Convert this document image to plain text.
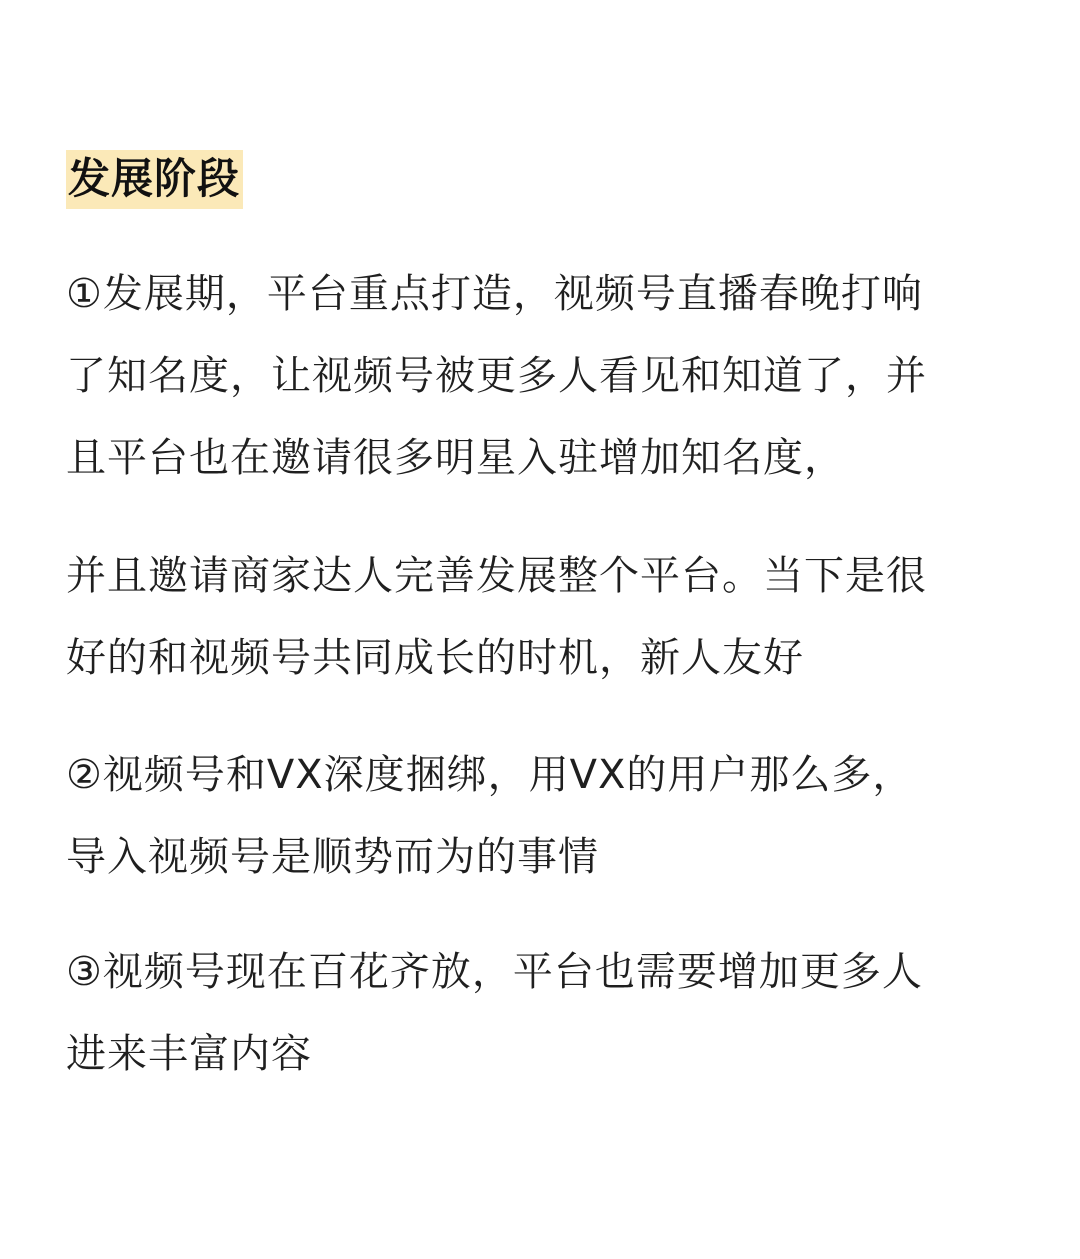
发展阶段
①发展期，平台重点打造，视频号直播春晚打响
了知名度，让视频号被更多人看见和知道了，并
且平台也在邀请很多明星入驻增加知名度，
并且邀请商家达人完善发展整个平台。当下是很
好的和视频号共同成长的时机，新人友好
②视频号和VX深度捆绑，用VX的用户那么多，
导入视频号是顺势而为的事情
③视频号现在百花齐放，平台也需要增加更多人
进来丰富内容
